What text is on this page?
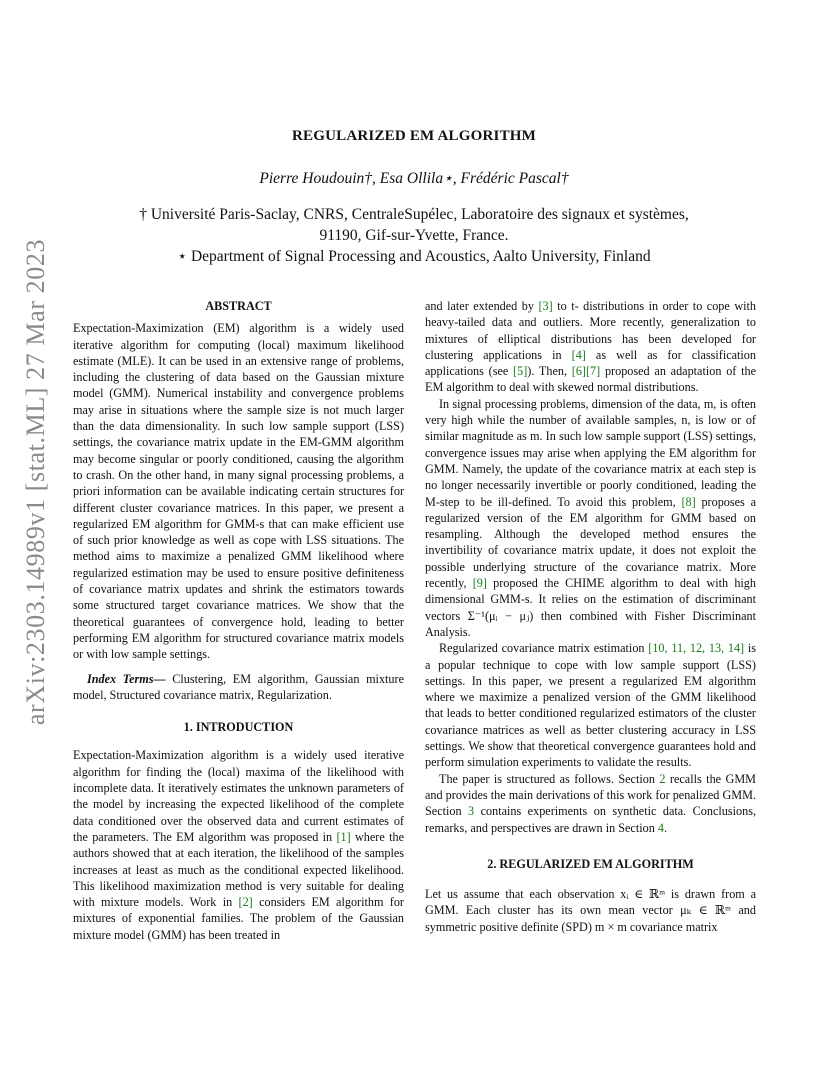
arXiv:2303.14989v1 [stat.ML] 27 Mar 2023
REGULARIZED EM ALGORITHM
Pierre Houdouin†, Esa Ollila⋆, Frédéric Pascal†
† Université Paris-Saclay, CNRS, CentraleSupélec, Laboratoire des signaux et systèmes,
91190, Gif-sur-Yvette, France.
⋆ Department of Signal Processing and Acoustics, Aalto University, Finland
ABSTRACT

Expectation-Maximization (EM) algorithm is a widely used iterative algorithm for computing (local) maximum likelihood estimate (MLE). It can be used in an extensive range of problems, including the clustering of data based on the Gaussian mixture model (GMM). Numerical instability and convergence problems may arise in situations where the sample size is not much larger than the data dimensionality. In such low sample support (LSS) settings, the covariance matrix update in the EM-GMM algorithm may become singular or poorly conditioned, causing the algorithm to crash. On the other hand, in many signal processing problems, a priori information can be available indicating certain structures for different cluster covariance matrices. In this paper, we present a regularized EM algorithm for GMM-s that can make efficient use of such prior knowledge as well as cope with LSS situations. The method aims to maximize a penalized GMM likelihood where regularized estimation may be used to ensure positive definiteness of covariance matrix updates and shrink the estimators towards some structured target covariance matrices. We show that the theoretical guarantees of convergence hold, leading to better performing EM algorithm for structured covariance matrix models or with low sample settings.

Index Terms— Clustering, EM algorithm, Gaussian mixture model, Structured covariance matrix, Regularization.

1. INTRODUCTION

Expectation-Maximization algorithm is a widely used iterative algorithm for finding the (local) maxima of the likelihood with incomplete data. It iteratively estimates the unknown parameters of the model by increasing the expected likelihood of the complete data conditioned over the observed data and current estimates of the parameters. The EM algorithm was proposed in [1] where the authors showed that at each iteration, the likelihood of the samples increases at least as much as the conditional expected likelihood. This likelihood maximization method is very suitable for dealing with mixture models. Work in [2] considers EM algorithm for mixtures of exponential families. The problem of the Gaussian mixture model (GMM) has been treated in

and later extended by [3] to t- distributions in order to cope with heavy-tailed data and outliers. More recently, generalization to mixtures of elliptical distributions has been developed for clustering applications in [4] as well as for classification applications (see [5]). Then, [6][7] proposed an adaptation of the EM algorithm to deal with skewed normal distributions.

In signal processing problems, dimension of the data, m, is often very high while the number of available samples, n, is low or of similar magnitude as m. In such low sample support (LSS) settings, convergence issues may arise when applying the EM algorithm for GMM. Namely, the update of the covariance matrix at each step is no longer necessarily invertible or poorly conditioned, leading the M-step to be ill-defined. To avoid this problem, [8] proposes a regularized version of the EM algorithm for GMM based on resampling. Although the developed method ensures the invertibility of covariance matrix update, it does not exploit the possible underlying structure of the covariance matrix. More recently, [9] proposed the CHIME algorithm to deal with high dimensional GMM-s. It relies on the estimation of discriminant vectors Σ⁻¹(μᵢ − μⱼ) then combined with Fisher Discriminant Analysis.

Regularized covariance matrix estimation [10, 11, 12, 13, 14] is a popular technique to cope with low sample support (LSS) settings. In this paper, we present a regularized EM algorithm where we maximize a penalized version of the GMM likelihood that leads to better conditioned regularized estimators of the cluster covariance matrices as well as better clustering accuracy in LSS settings. We show that theoretical convergence guarantees hold and perform simulation experiments to validate the results.

The paper is structured as follows. Section 2 recalls the GMM and provides the main derivations of this work for penalized GMM. Section 3 contains experiments on synthetic data. Conclusions, remarks, and perspectives are drawn in Section 4.

2. REGULARIZED EM ALGORITHM

Let us assume that each observation xᵢ ∈ ℝᵐ is drawn from a GMM. Each cluster has its own mean vector μₖ ∈ ℝᵐ and symmetric positive definite (SPD) m × m covariance matrix
